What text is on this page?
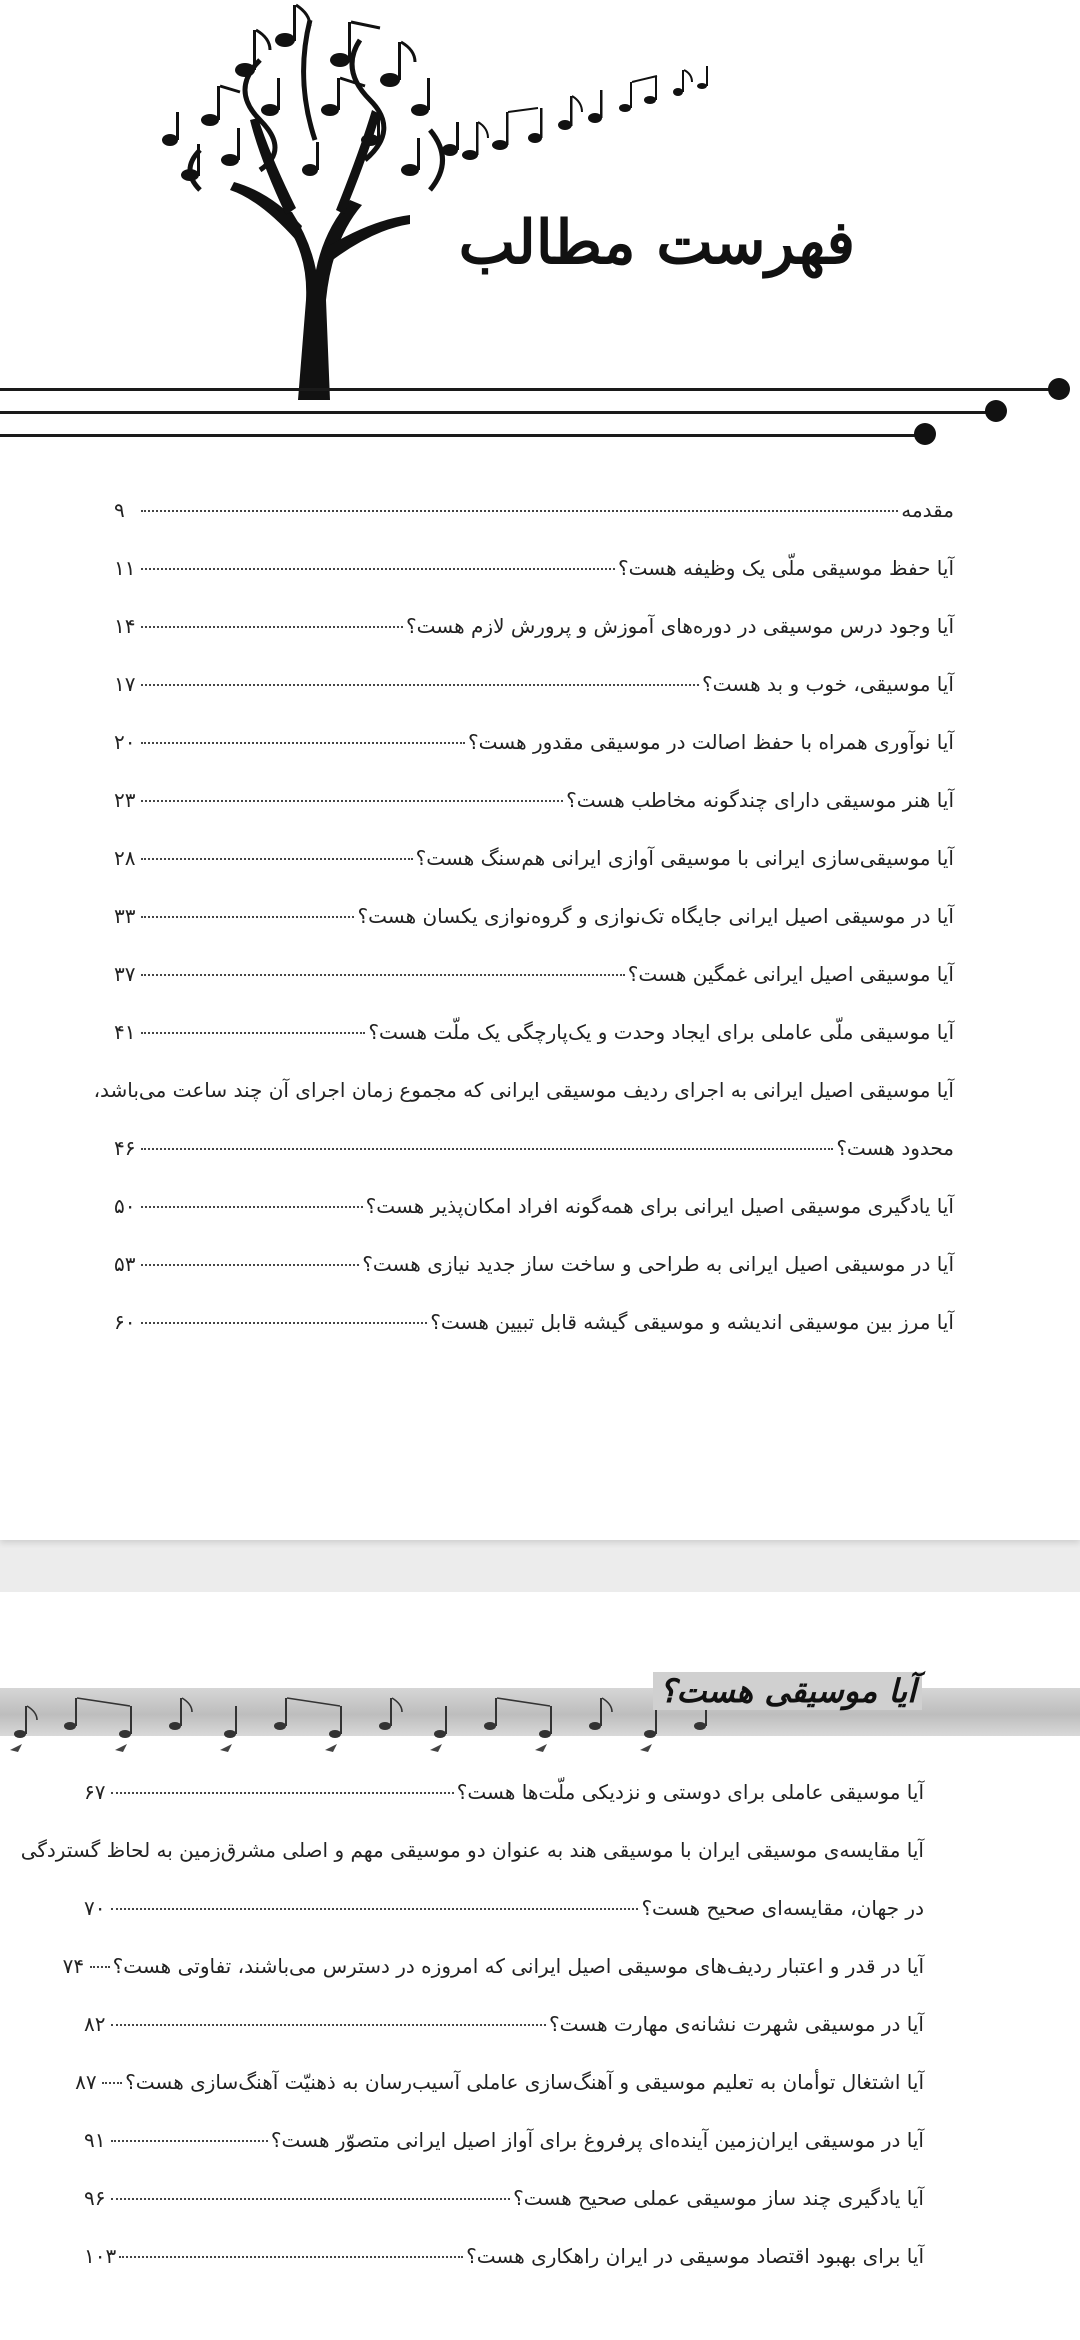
فهرست مطالب
مقدمه
۹
آیا حفظ موسیقی ملّی یک وظیفه هست؟
۱۱
آیا وجود درس موسیقی در دوره‌های آموزش و پرورش لازم هست؟
۱۴
آیا موسیقی، خوب و بد هست؟
۱۷
آیا نوآوری همراه با حفظ اصالت در موسیقی مقدور هست؟
۲۰
آیا هنر موسیقی دارای چندگونه مخاطب هست؟
۲۳
آیا موسیقی‌سازی ایرانی با موسیقی آوازی ایرانی هم‌سنگ هست؟
۲۸
آیا در موسیقی اصیل ایرانی جایگاه تک‌نوازی و گروه‌نوازی یکسان هست؟
۳۳
آیا موسیقی اصیل ایرانی غمگین هست؟
۳۷
آیا موسیقی ملّی عاملی برای ایجاد وحدت و یک‌پارچگی یک ملّت هست؟
۴۱
آیا موسیقی اصیل ایرانی به اجرای ردیف موسیقی ایرانی که مجموع زمان اجرای آن چند ساعت می‌باشد،
محدود هست؟
۴۶
آیا یادگیری موسیقی اصیل ایرانی برای همه‌گونه افراد امکان‌پذیر هست؟
۵۰
آیا در موسیقی اصیل ایرانی به طراحی و ساخت ساز جدید نیازی هست؟
۵۳
آیا مرز بین موسیقی اندیشه و موسیقی گیشه قابل تبیین هست؟
۶۰
آیا موسیقی هست؟
آیا موسیقی عاملی برای دوستی و نزدیکی ملّت‌ها هست؟
۶۷
آیا مقایسه‌ی موسیقی ایران با موسیقی هند به عنوان دو موسیقی مهم و اصلی مشرق‌زمین به لحاظ گستردگی
در جهان، مقایسه‌ای صحیح هست؟
۷۰
آیا در قدر و اعتبار ردیف‌های موسیقی اصیل ایرانی که امروزه در دسترس می‌باشند، تفاوتی هست؟
۷۴
آیا در موسیقی شهرت نشانه‌ی مهارت هست؟
۸۲
آیا اشتغال توأمان به تعلیم موسیقی و آهنگ‌سازی عاملی آسیب‌رسان به ذهنیّت آهنگ‌سازی هست؟
۸۷
آیا در موسیقی ایران‌زمین آینده‌ای پرفروغ برای آواز اصیل ایرانی متصوّر هست؟
۹۱
آیا یادگیری چند ساز موسیقی عملی صحیح هست؟
۹۶
آیا برای بهبود اقتصاد موسیقی در ایران راهکاری هست؟
۱۰۳
